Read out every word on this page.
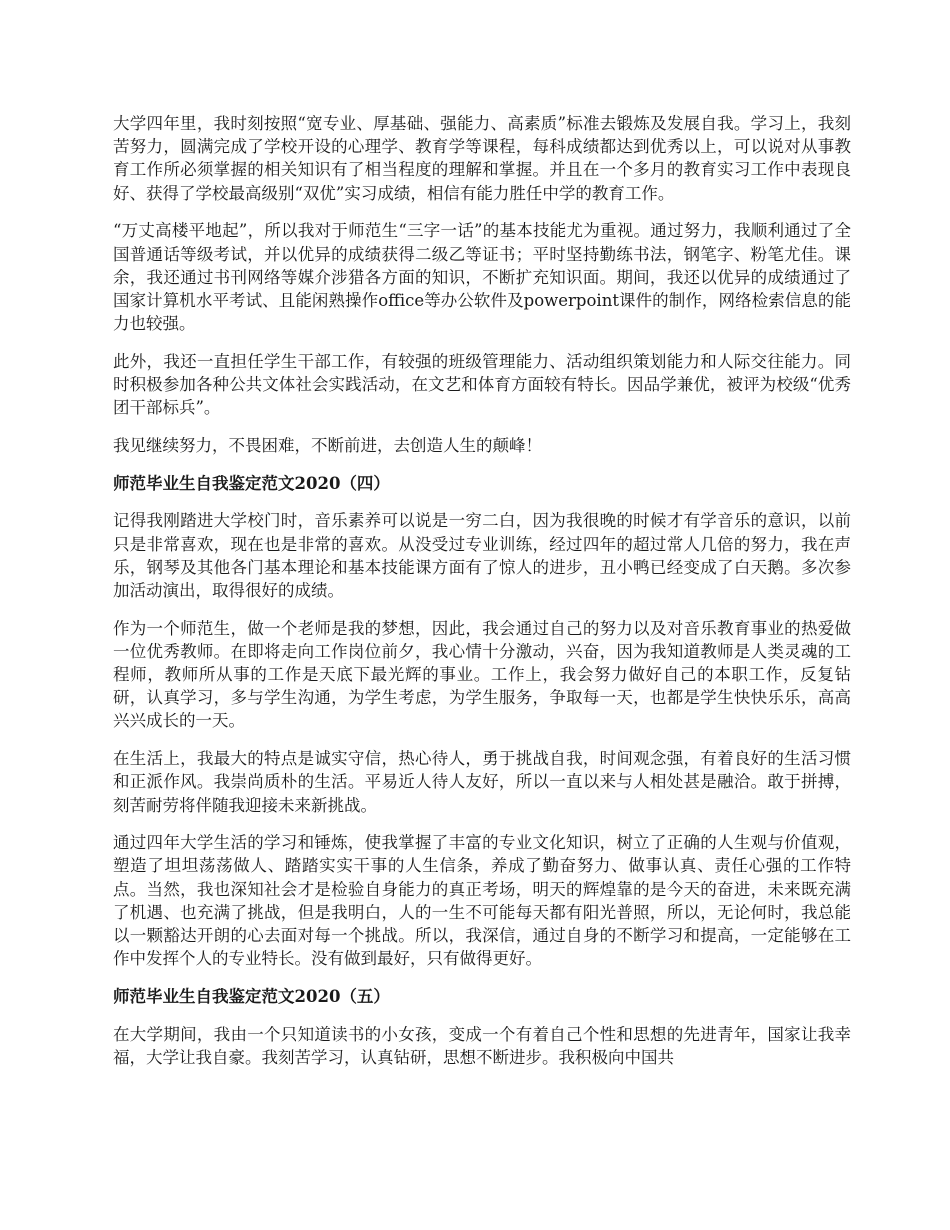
大学四年里，我时刻按照“宽专业、厚基础、强能力、高素质”标准去锻炼及发展自我。学习上，我刻苦努力，圆满完成了学校开设的心理学、教育学等课程，每科成绩都达到优秀以上，可以说对从事教育工作所必须掌握的相关知识有了相当程度的理解和掌握。并且在一个多月的教育实习工作中表现良好、获得了学校最高级别“双优”实习成绩，相信有能力胜任中学的教育工作。

“万丈高楼平地起”，所以我对于师范生“三字一话”的基本技能尤为重视。通过努力，我顺利通过了全国普通话等级考试，并以优异的成绩获得二级乙等证书；平时坚持勤练书法，钢笔字、粉笔尤佳。课余，我还通过书刊网络等媒介涉猎各方面的知识，不断扩充知识面。期间，我还以优异的成绩通过了国家计算机水平考试、且能闲熟操作office等办公软件及powerpoint课件的制作，网络检索信息的能力也较强。

此外，我还一直担任学生干部工作，有较强的班级管理能力、活动组织策划能力和人际交往能力。同时积极参加各种公共文体社会实践活动，在文艺和体育方面较有特长。因品学兼优，被评为校级“优秀团干部标兵”。

我见继续努力，不畏困难，不断前进，去创造人生的颠峰！

师范毕业生自我鉴定范文2020（四）

记得我刚踏进大学校门时，音乐素养可以说是一穷二白，因为我很晚的时候才有学音乐的意识，以前只是非常喜欢，现在也是非常的喜欢。从没受过专业训练，经过四年的超过常人几倍的努力，我在声乐，钢琴及其他各门基本理论和基本技能课方面有了惊人的进步，丑小鸭已经变成了白天鹅。多次参加活动演出，取得很好的成绩。

作为一个师范生，做一个老师是我的梦想，因此，我会通过自己的努力以及对音乐教育事业的热爱做一位优秀教师。在即将走向工作岗位前夕，我心情十分激动，兴奋，因为我知道教师是人类灵魂的工程师，教师所从事的工作是天底下最光辉的事业。工作上，我会努力做好自己的本职工作，反复钻研，认真学习，多与学生沟通，为学生考虑，为学生服务，争取每一天，也都是学生快快乐乐，高高兴兴成长的一天。

在生活上，我最大的特点是诚实守信，热心待人，勇于挑战自我，时间观念强，有着良好的生活习惯和正派作风。我崇尚质朴的生活。平易近人待人友好，所以一直以来与人相处甚是融洽。敢于拼搏，刻苦耐劳将伴随我迎接未来新挑战。

通过四年大学生活的学习和锤炼，使我掌握了丰富的专业文化知识，树立了正确的人生观与价值观，塑造了坦坦荡荡做人、踏踏实实干事的人生信条，养成了勤奋努力、做事认真、责任心强的工作特点。当然，我也深知社会才是检验自身能力的真正考场，明天的辉煌靠的是今天的奋进，未来既充满了机遇、也充满了挑战，但是我明白，人的一生不可能每天都有阳光普照，所以，无论何时，我总能以一颗豁达开朗的心去面对每一个挑战。所以，我深信，通过自身的不断学习和提高，一定能够在工作中发挥个人的专业特长。没有做到最好，只有做得更好。

师范毕业生自我鉴定范文2020（五）

在大学期间，我由一个只知道读书的小女孩，变成一个有着自己个性和思想的先进青年，国家让我幸福，大学让我自豪。我刻苦学习，认真钻研，思想不断进步。我积极向中国共
